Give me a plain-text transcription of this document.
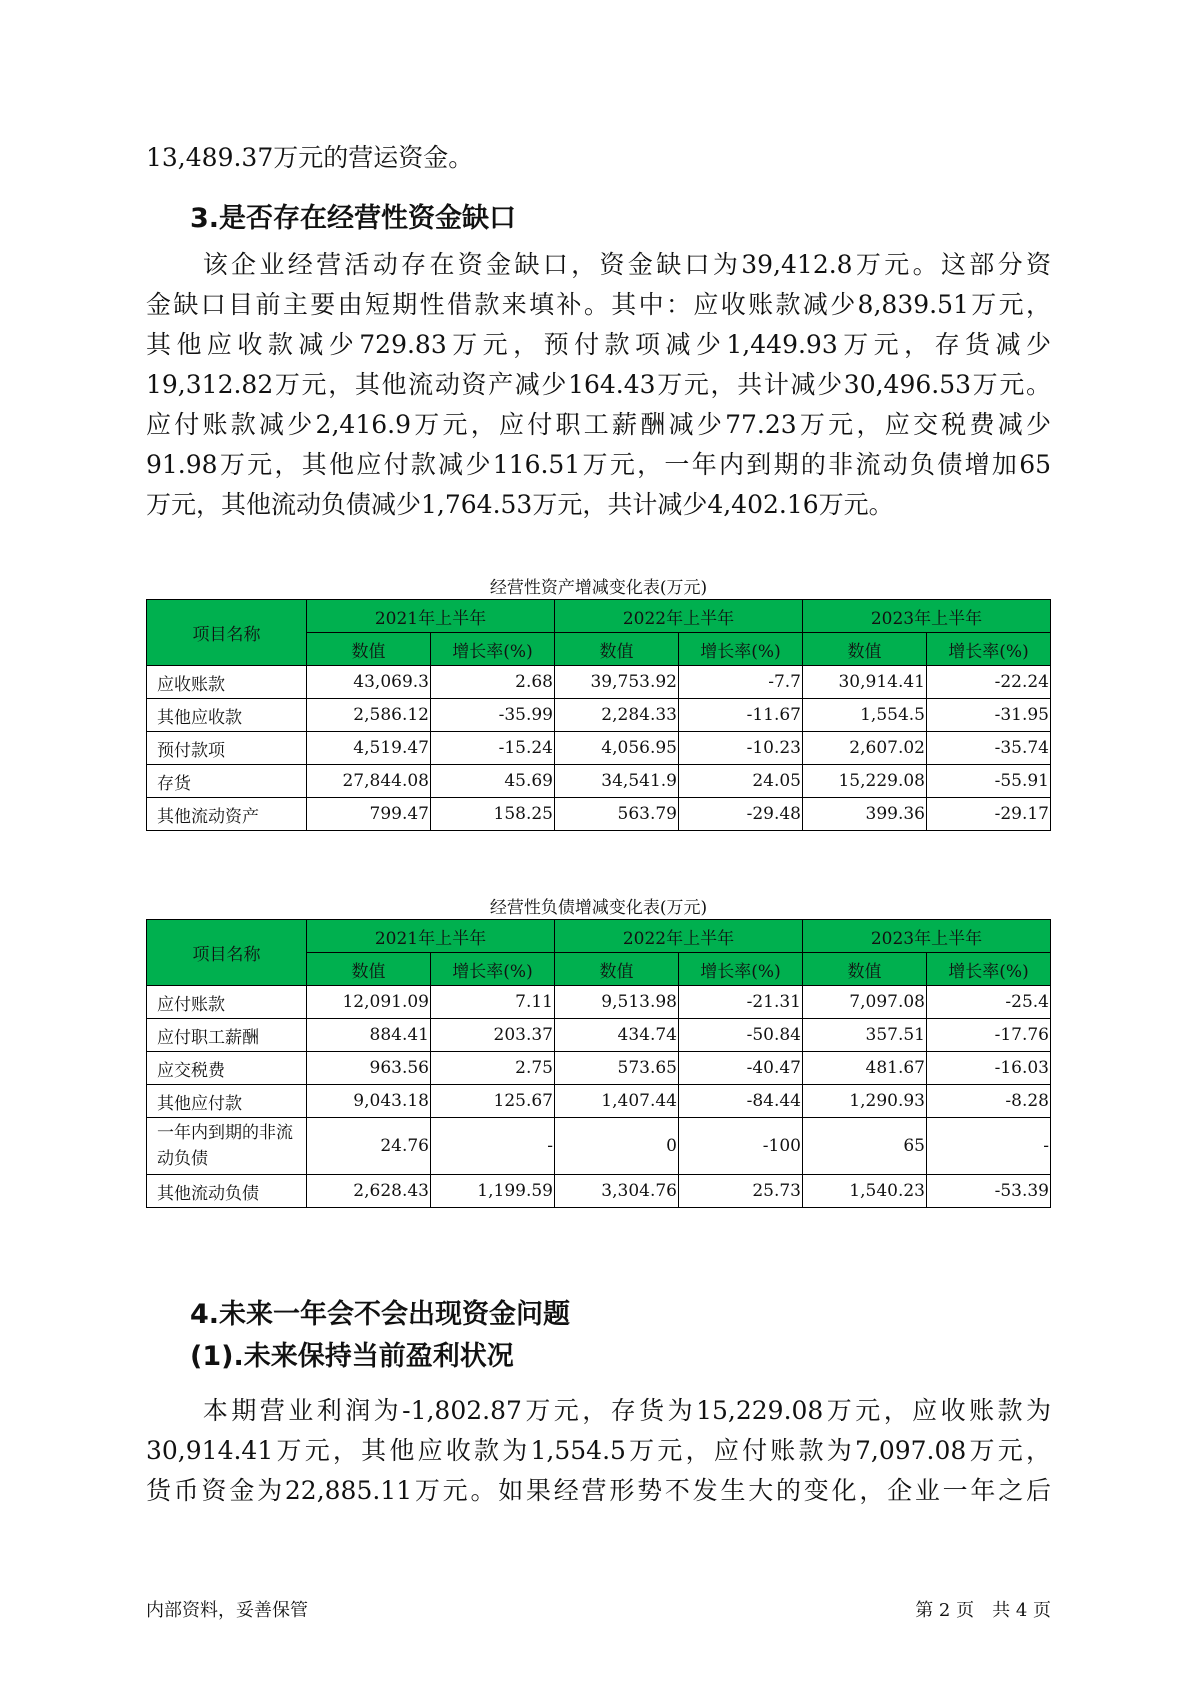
13,489.37万元的营运资金。
3.是否存在经营性资金缺口
　　该企业经营活动存在资金缺口，资金缺口为39,412.8万元。这部分资
金缺口目前主要由短期性借款来填补。其中：应收账款减少8,839.51万元，
其他应收款减少729.83万元，预付款项减少1,449.93万元，存货减少
19,312.82万元，其他流动资产减少164.43万元，共计减少30,496.53万元。
应付账款减少2,416.9万元，应付职工薪酬减少77.23万元，应交税费减少
91.98万元，其他应付款减少116.51万元，一年内到期的非流动负债增加65
万元，其他流动负债减少1,764.53万元，共计减少4,402.16万元。

经营性资产增减变化表(万元)

项目名称	2021年上半年		2022年上半年		2023年上半年	
	数值	增长率(%)	数值	增长率(%)	数值	增长率(%)
应收账款	43,069.3	2.68	39,753.92	-7.7	30,914.41	-22.24
其他应收款	2,586.12	-35.99	2,284.33	-11.67	1,554.5	-31.95
预付款项	4,519.47	-15.24	4,056.95	-10.23	2,607.02	-35.74
存货	27,844.08	45.69	34,541.9	24.05	15,229.08	-55.91
其他流动资产	799.47	158.25	563.79	-29.48	399.36	-29.17

经营性负债增减变化表(万元)

项目名称	2021年上半年		2022年上半年		2023年上半年	
	数值	增长率(%)	数值	增长率(%)	数值	增长率(%)
应付账款	12,091.09	7.11	9,513.98	-21.31	7,097.08	-25.4
应付职工薪酬	884.41	203.37	434.74	-50.84	357.51	-17.76
应交税费	963.56	2.75	573.65	-40.47	481.67	-16.03
其他应付款	9,043.18	125.67	1,407.44	-84.44	1,290.93	-8.28

一年内到期的非流
动负债	24.76	-	0	-100	65	-
其他流动负债	2,628.43	1,199.59	3,304.76	25.73	1,540.23	-53.39
4.未来一年会不会出现资金问题
(1).未来保持当前盈利状况
　　本期营业利润为-1,802.87万元，存货为15,229.08万元，应收账款为
30,914.41万元，其他应收款为1,554.5万元，应付账款为7,097.08万元，
货币资金为22,885.11万元。如果经营形势不发生大的变化，企业一年之后

内部资料，妥善保管	第 2 页　共 4 页
